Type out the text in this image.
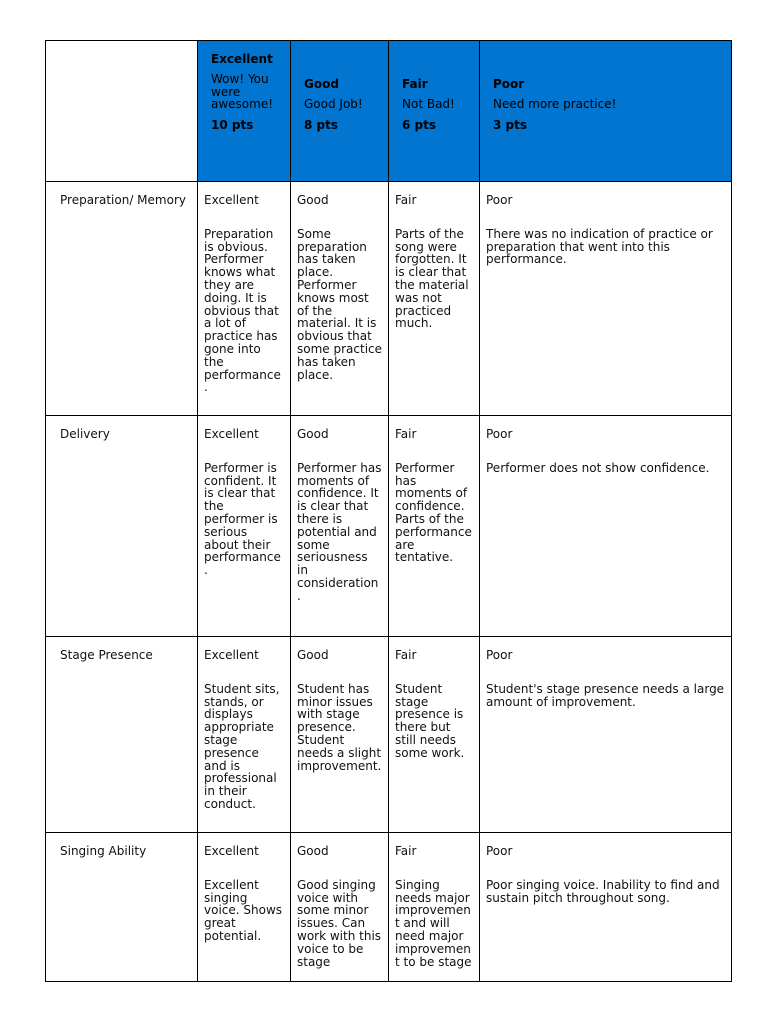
	Excellent
Wow! You were awesome!
10 pts	Good
Good Job!
8 pts	Fair
Not Bad!
6 pts	Poor
Need more practice!
3 pts

Preparation/ Memory	Excellent
Preparation is obvious. Performer knows what they are doing. It is obvious that a lot of practice has gone into the performance.	Good
Some preparation has taken place. Performer knows most of the material. It is obvious that some practice has taken place.	Fair
Parts of the song were forgotten. It is clear that the material was not practiced much.	Poor
There was no indication of practice or preparation that went into this performance.

Delivery	Excellent
Performer is confident. It is clear that the performer is serious about their performance.	Good
Performer has moments of confidence. It is clear that there is potential and some seriousness in consideration.	Fair
Performer has moments of confidence. Parts of the performance are tentative.	Poor
Performer does not show confidence.

Stage Presence	Excellent
Student sits, stands, or displays appropriate stage presence and is professional in their conduct.	Good
Student has minor issues with stage presence. Student needs a slight improvement.	Fair
Student stage presence is there but still needs some work.	Poor
Student's stage presence needs a large amount of improvement.

Singing Ability	Excellent
Excellent singing voice. Shows great potential.	Good
Good singing voice with some minor issues. Can work with this voice to be stage	Fair
Singing needs major improvement and will need major improvement to be stage	Poor
Poor singing voice. Inability to find and sustain pitch throughout song.
